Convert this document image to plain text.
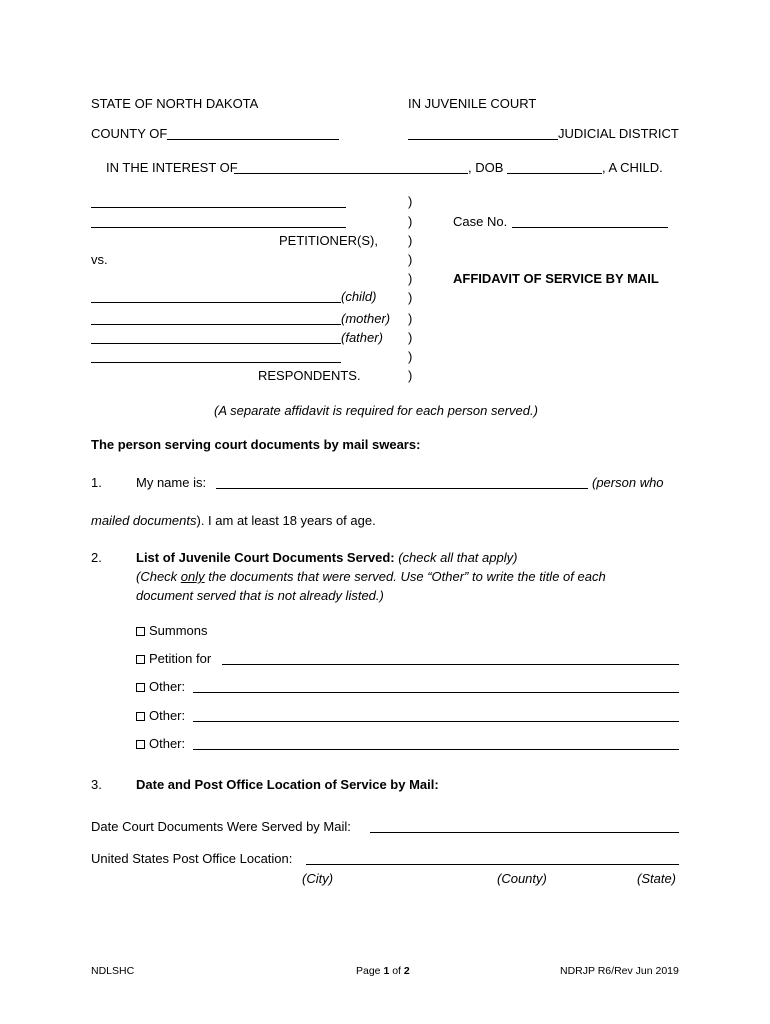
STATE OF NORTH DAKOTA	IN JUVENILE COURT
COUNTY OF	JUDICIAL DISTRICT
IN THE INTEREST OF	, DOB	, A CHILD.
PETITIONER(S),
vs.
(child)
(mother)
(father)
RESPONDENTS.
)
)
)
)
)
)
)
)
)
)
Case No.
AFFIDAVIT OF SERVICE BY MAIL
(A separate affidavit is required for each person served.)
The person serving court documents by mail swears:
1.	My name is:	(person who
mailed documents). I am at least 18 years of age.
2.	List of Juvenile Court Documents Served: (check all that apply)
(Check only the documents that were served. Use “Other” to write the title of each
document served that is not already listed.)
Summons
Petition for
Other:
Other:
Other:
3.	Date and Post Office Location of Service by Mail:
Date Court Documents Were Served by Mail:
United States Post Office Location:
(City)	(County)	(State)
NDLSHC	Page 1 of 2	NDRJP R6/Rev Jun 2019
